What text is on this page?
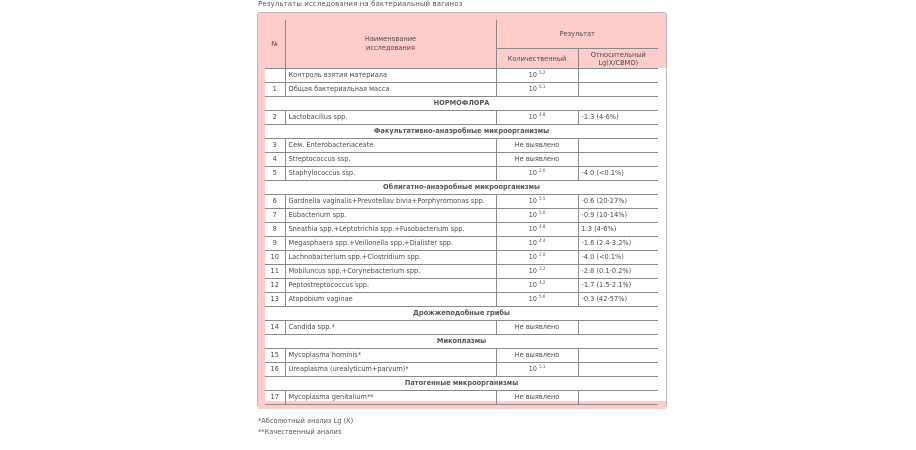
Результаты исследования на бактериальный вагиноз
№	Наименование исследования	Результат	
		Количественный	Относительный Lg(X/СВМО)
	Контроль взятия материала	10 $^{5.2}$	
1	Общая бактериальная масса	10 $^{6.1}$	
НОРМОФЛОРА			
2	Lactobacillus spp.	10 $^{4.8}$	-1.3 (4-6%)
Факультативно-анаэробные микроорганизмы			
3	Сем. Enterobacteriaceate	Не выявлено	
4	Streptococcus ssp.	Не выявлено	
5	Staphylococcus ssp.	10 $^{2.0}$	-4.0 (<0.1%)
Облигатно-анаэробные микроорганизмы			
6	Gardnella vaginalis+Prevotellav bivia+Porphyromonas spp.	10 $^{5.5}$	-0.6 (20-27%)
7	Eubacterium spp.	10 $^{5.0}$	-0.9 (10-14%)
8	Sneathia spp.+Leptotrichia spp.+Fusobacterium spp.	10 $^{4.8}$	1.3 (4-6%)
9	Megasphaera spp.+Veillonella spp.+Dialister spp.	10 $^{4.4}$	-1.6 (2.4-3.2%)
10	Lachnobacterium spp.+Clostridium spp.	10 $^{2.0}$	-4.0 (<0.1%)
11	Mobiluncus spp.+Corynebacterium spp.	10 $^{3.2}$	-2.8 (0.1-0.2%)
12	Peptostreptococcus spp.	10 $^{4.2}$	-1.7 (1.5-2.1%)
13	Atopobium vaginae	10 $^{5.6}$	-0.3 (42-57%)
Дрожжеподобные грибы			
14	Candida spp.*	Не выявлено	
Микоплазмы			
15	Mycoplasma hominis*	Не выявлено	
16	Ureaplasma (urealyticum+parvum)*	10 $^{5.1}$	
Патогенные микроорганизмы			
17	Mycoplasma genitalium**	Не выявлено	
*Абсолютный анализ Lg (X)
**Качественный анализ
